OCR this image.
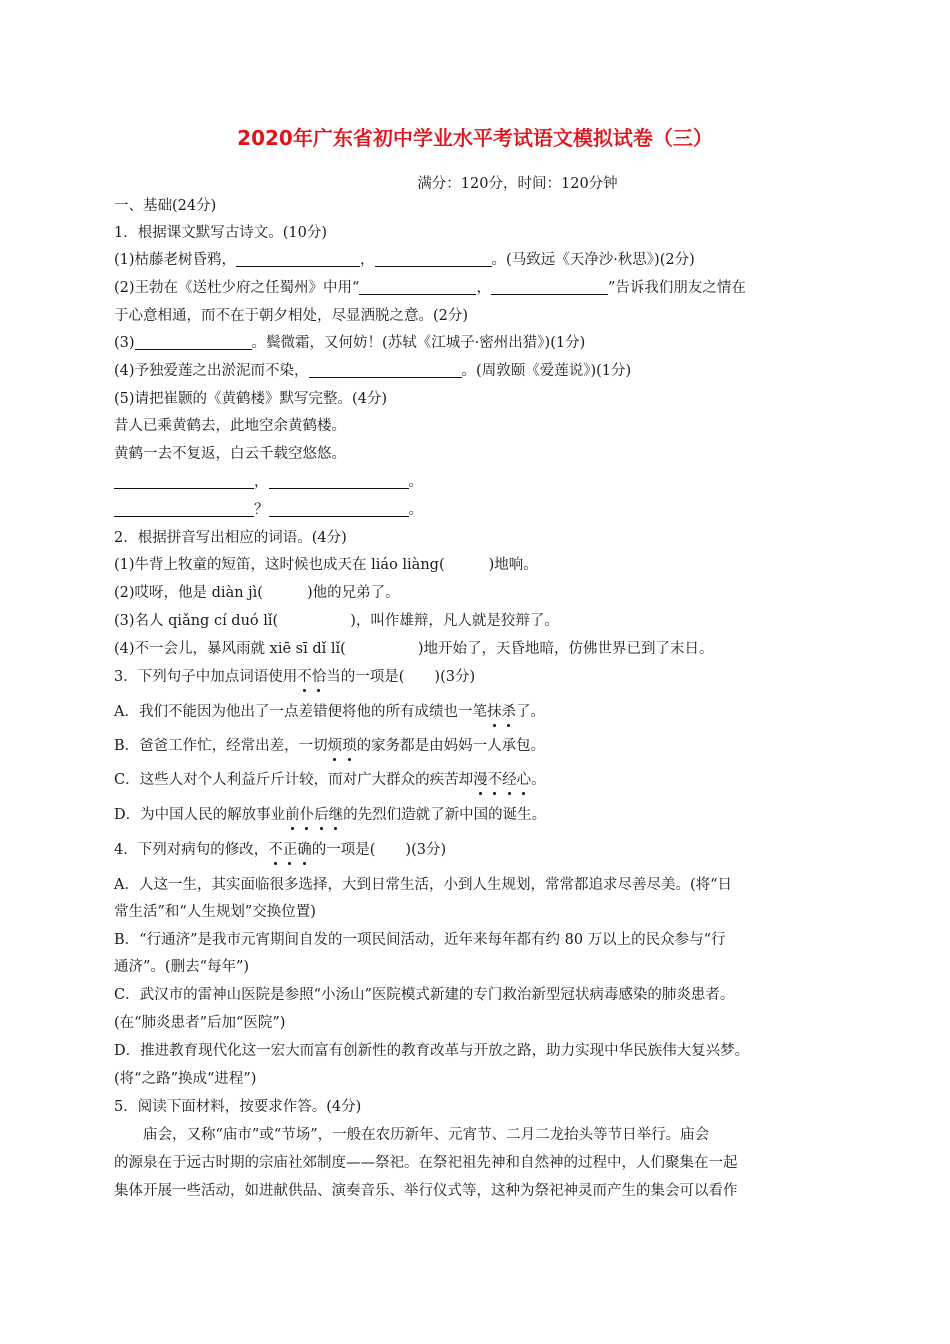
2020年广东省初中学业水平考试语文模拟试卷（三）
满分：120分，时间：120分钟
一、基础(24分)
1．根据课文默写古诗文。(10分)
(1)枯藤老树昏鸦，	，	。(马致远《天净沙·秋思》)(2分)
(2)王勃在《送杜少府之任蜀州》中用“	，	”告诉我们朋友之情在
于心意相通，而不在于朝夕相处，尽显洒脱之意。(2分)
(3)	。鬓微霜，又何妨！(苏轼《江城子·密州出猎》)(1分)
(4)予独爱莲之出淤泥而不染，	。(周敦颐《爱莲说》)(1分)
(5)请把崔颢的《黄鹤楼》默写完整。(4分)
昔人已乘黄鹤去，此地空余黄鹤楼。
黄鹤一去不复返，白云千载空悠悠。
，	。
？	。
2．根据拼音写出相应的词语。(4分)
(1)牛背上牧童的短笛，这时候也成天在 liáo liàng(	)地响。
(2)哎呀，他是 diàn jì(	)他的兄弟了。
(3)名人 qiǎng cí duó lǐ(	)，叫作雄辩，凡人就是狡辩了。
(4)不一会儿，暴风雨就 xiē sī dǐ lǐ(	)地开始了，天昏地暗，仿佛世界已到了末日。
3．下列句子中加点词语使用不恰当的一项是( )(3分)
A．我们不能因为他出了一点差错便将他的所有成绩也一笔抹杀了。
B．爸爸工作忙，经常出差，一切烦琐的家务都是由妈妈一人承包。
C．这些人对个人利益斤斤计较，而对广大群众的疾苦却漫不经心。
D．为中国人民的解放事业前仆后继的先烈们造就了新中国的诞生。
4．下列对病句的修改，不正确的一项是( )(3分)
A．人这一生，其实面临很多选择，大到日常生活，小到人生规划，常常都追求尽善尽美。(将“日
常生活”和“人生规划”交换位置)
B．“行通济”是我市元宵期间自发的一项民间活动，近年来每年都有约 80 万以上的民众参与“行
通济”。(删去“每年”)
C．武汉市的雷神山医院是参照“小汤山”医院模式新建的专门救治新型冠状病毒感染的肺炎患者。
(在“肺炎患者”后加“医院”)
D．推进教育现代化这一宏大而富有创新性的教育改革与开放之路，助力实现中华民族伟大复兴梦。
(将“之路”换成“进程”)
5．阅读下面材料，按要求作答。(4分)
庙会，又称“庙市”或“节场”，一般在农历新年、元宵节、二月二龙抬头等节日举行。庙会
的源泉在于远古时期的宗庙社郊制度——祭祀。在祭祀祖先神和自然神的过程中，人们聚集在一起
集体开展一些活动，如进献供品、演奏音乐、举行仪式等，这种为祭祀神灵而产生的集会可以看作
